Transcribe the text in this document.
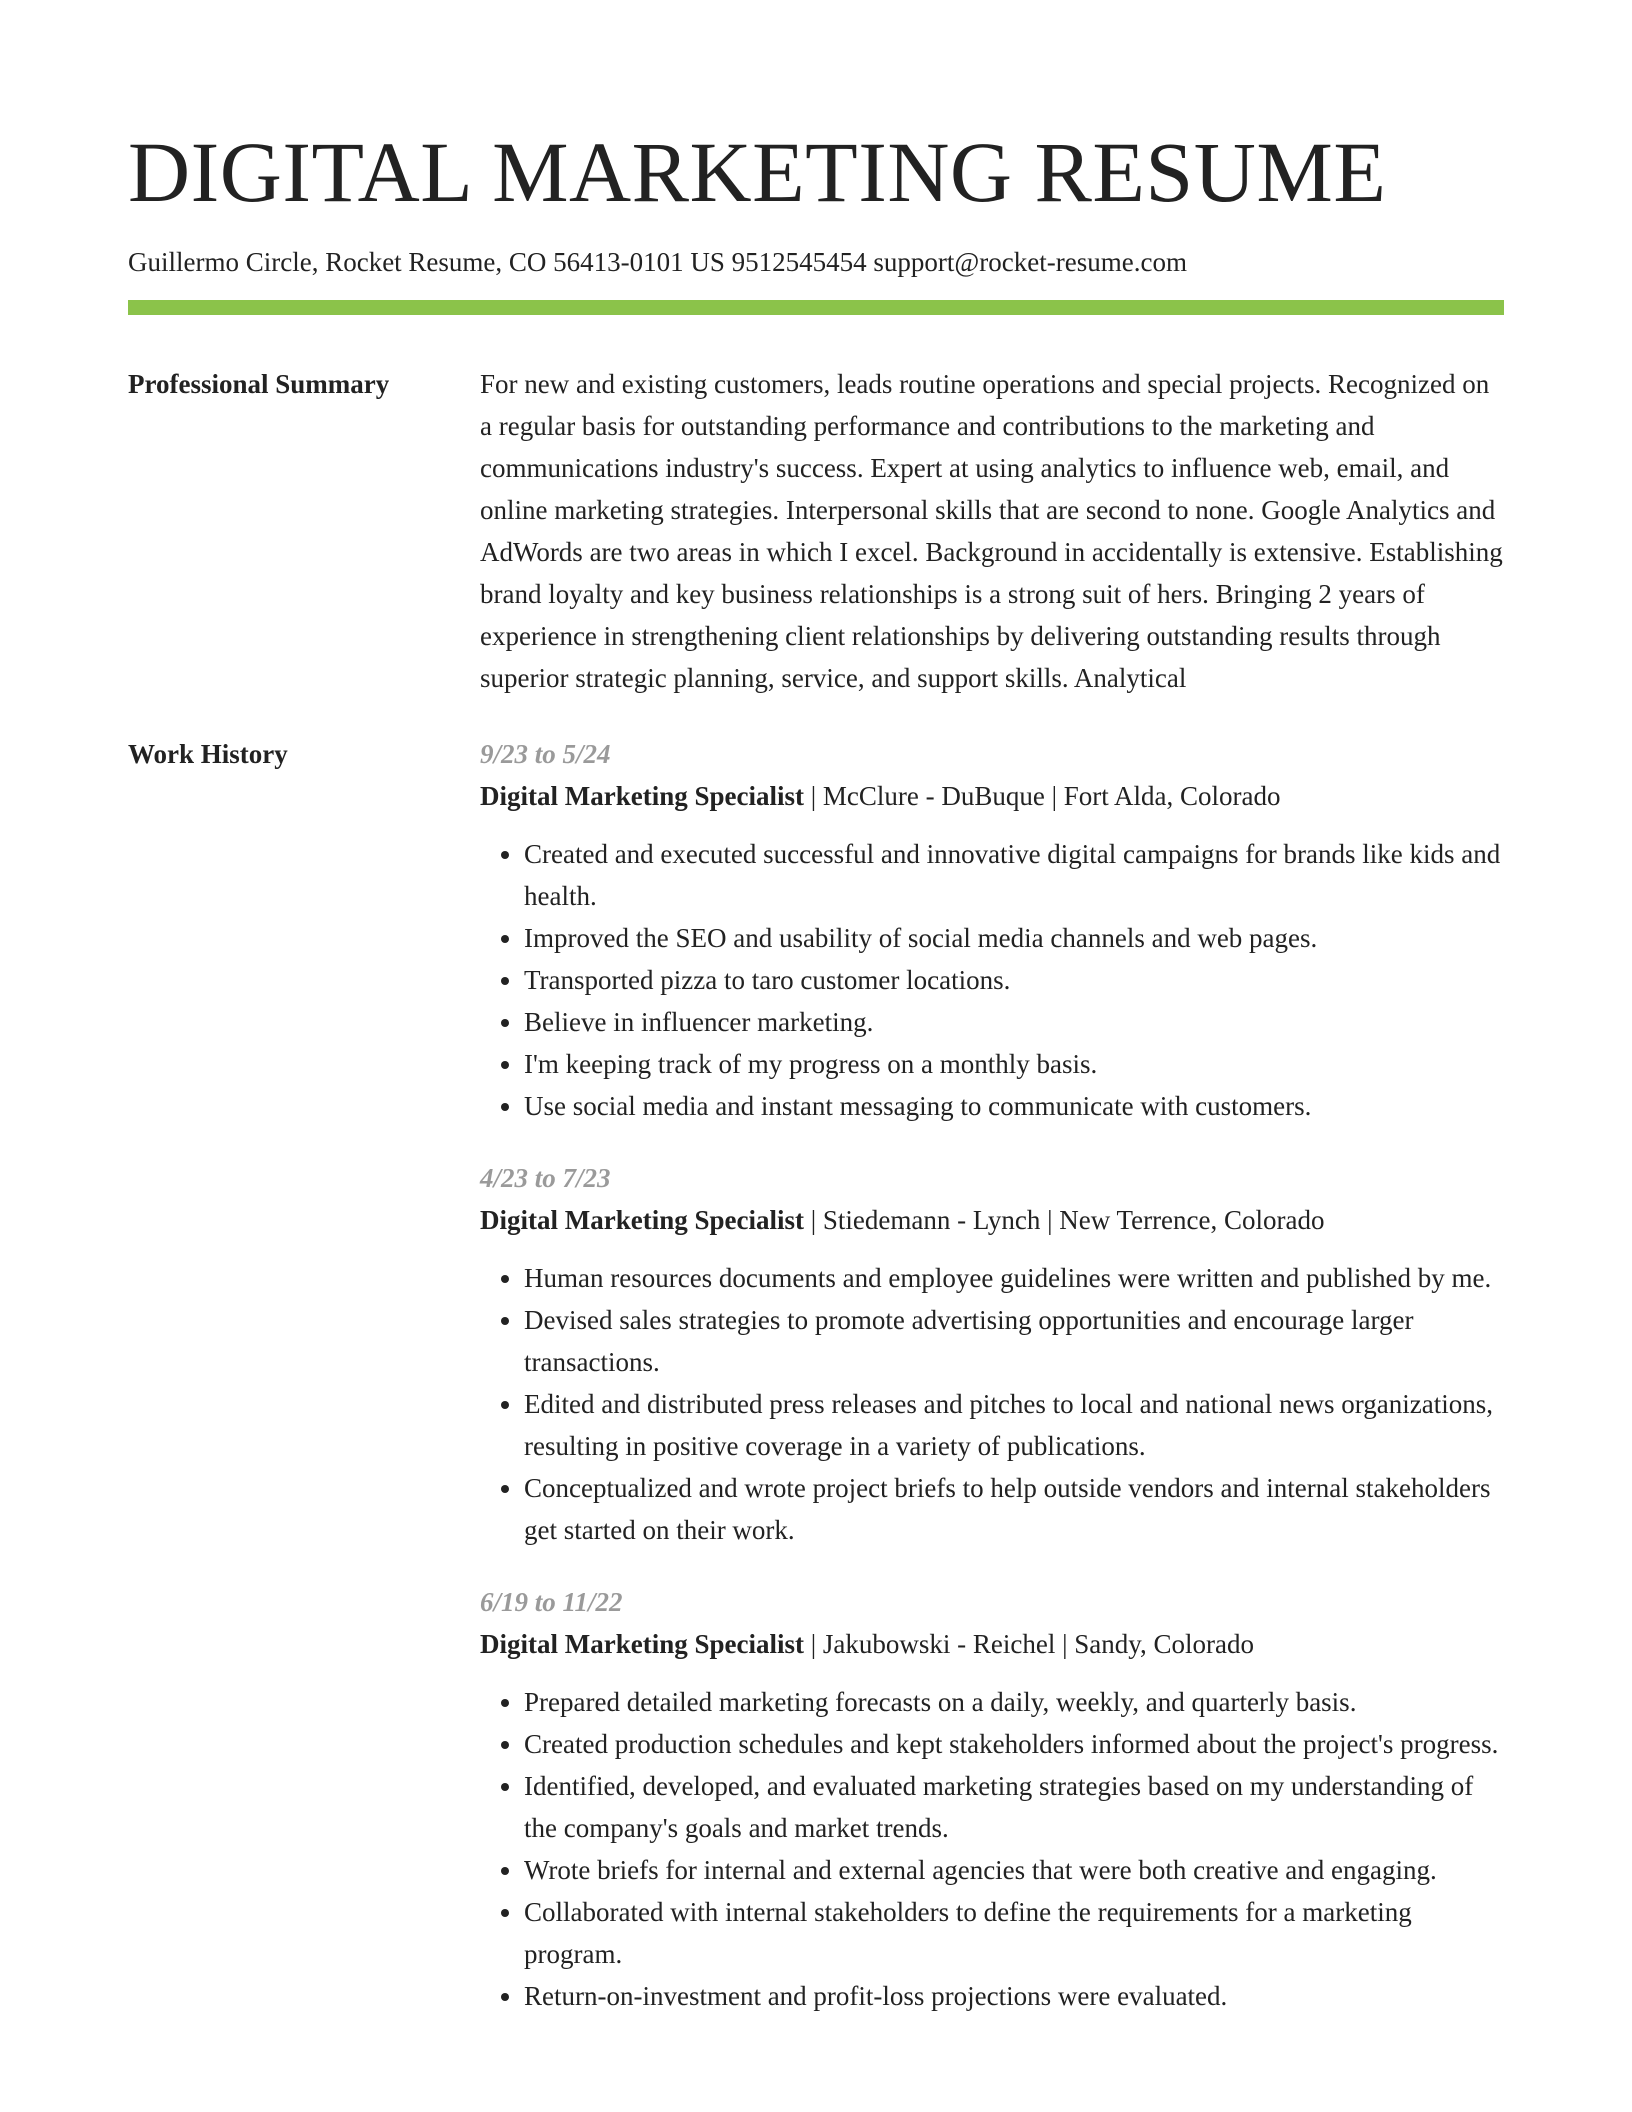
DIGITAL MARKETING RESUME
Guillermo Circle, Rocket Resume, CO 56413-0101 US 9512545454 support@rocket-resume.com
Professional Summary	For new and existing customers, leads routine operations and special projects. Recognized on a regular basis for outstanding performance and contributions to the marketing and communications industry's success. Expert at using analytics to influence web, email, and online marketing strategies. Interpersonal skills that are second to none. Google Analytics and AdWords are two areas in which I excel. Background in accidentally is extensive. Establishing brand loyalty and key business relationships is a strong suit of hers. Bringing 2 years of experience in strengthening client relationships by delivering outstanding results through superior strategic planning, service, and support skills. Analytical

Work History	9/23 to 5/24
Digital Marketing Specialist | McClure - DuBuque | Fort Alda, Colorado
• Created and executed successful and innovative digital campaigns for brands like kids and health.
• Improved the SEO and usability of social media channels and web pages.
• Transported pizza to taro customer locations.
• Believe in influencer marketing.
• I'm keeping track of my progress on a monthly basis.
• Use social media and instant messaging to communicate with customers.
4/23 to 7/23
Digital Marketing Specialist | Stiedemann - Lynch | New Terrence, Colorado
• Human resources documents and employee guidelines were written and published by me.
• Devised sales strategies to promote advertising opportunities and encourage larger transactions.
• Edited and distributed press releases and pitches to local and national news organizations, resulting in positive coverage in a variety of publications.
• Conceptualized and wrote project briefs to help outside vendors and internal stakeholders get started on their work.
6/19 to 11/22
Digital Marketing Specialist | Jakubowski - Reichel | Sandy, Colorado
• Prepared detailed marketing forecasts on a daily, weekly, and quarterly basis.
• Created production schedules and kept stakeholders informed about the project's progress.
• Identified, developed, and evaluated marketing strategies based on my understanding of the company's goals and market trends.
• Wrote briefs for internal and external agencies that were both creative and engaging.
• Collaborated with internal stakeholders to define the requirements for a marketing program.
• Return-on-investment and profit-loss projections were evaluated.
